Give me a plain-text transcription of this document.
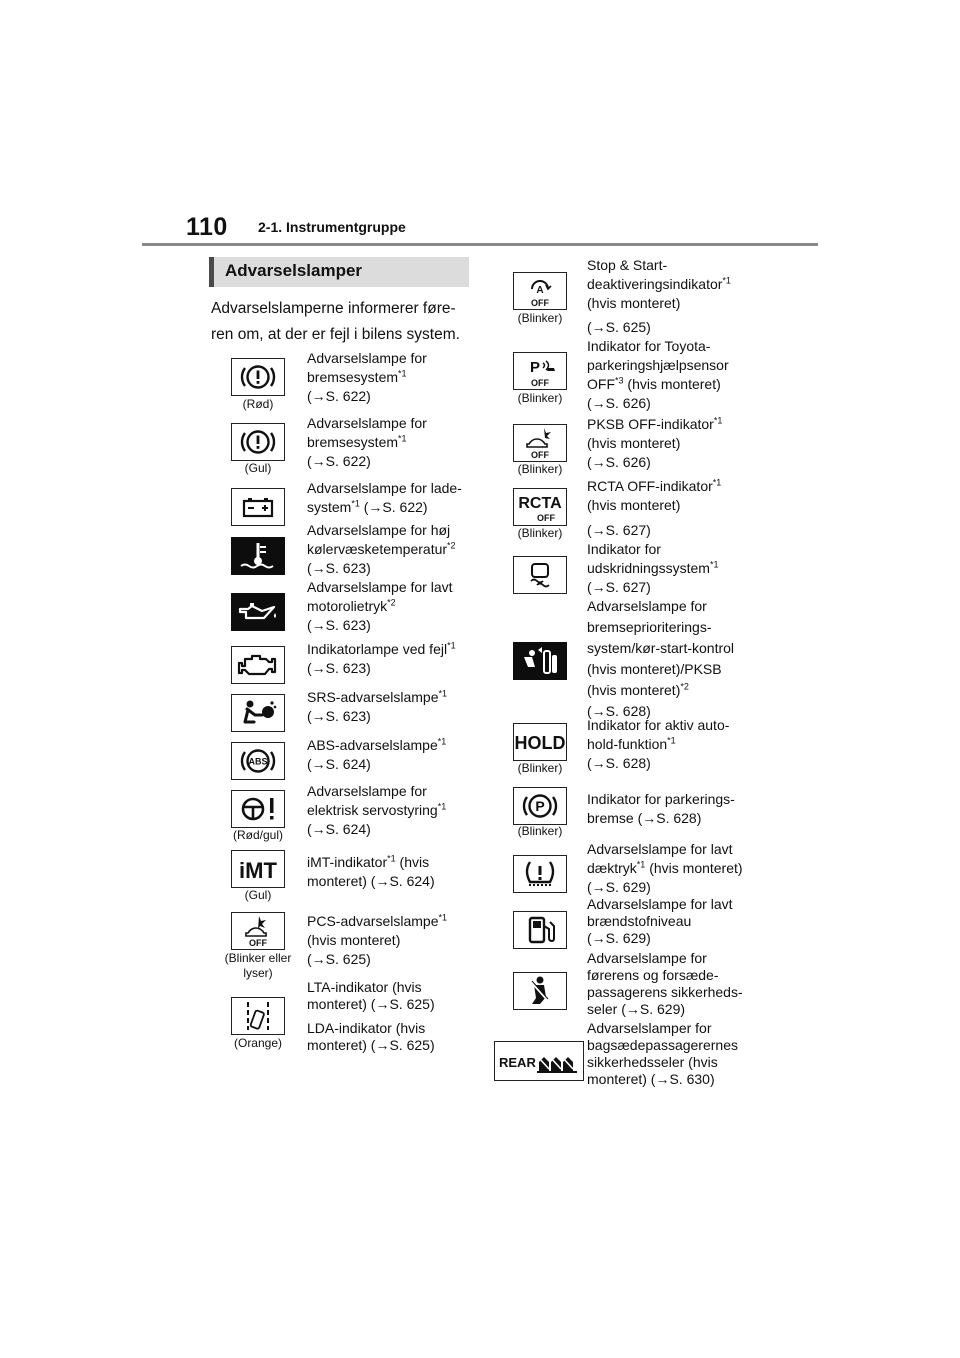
110 2-1. Instrumentgruppe
Advarselslamper
Advarselslamperne informerer føre-
ren om, at der er fejl i bilens system.
ABS
iMT
OFF
(Rød)
(Gul)
(Rød/gul)
(Gul)
(Blinker eller lyser)
(Orange)
Advarselslampe for
bremsesystem$^{*1}$
(→S. 622)
Advarselslampe for
bremsesystem$^{*1}$
(→S. 622)
Advarselslampe for lade-
system$^{*1}$ (→S. 622)
Advarselslampe for høj
kølervæsketemperatur$^{*2}$
(→S. 623)
Advarselslampe for lavt
motorolietryk$^{*2}$
(→S. 623)
Indikatorlampe ved fejl$^{*1}$
(→S. 623)
SRS-advarselslampe$^{*1}$
(→S. 623)
ABS-advarselslampe$^{*1}$
(→S. 624)
Advarselslampe for
elektrisk servostyring$^{*1}$
(→S. 624)
iMT-indikator$^{*1}$ (hvis
monteret) (→S. 624)
PCS-advarselslampe$^{*1}$
(hvis monteret)
(→S. 625)
LTA-indikator (hvis
monteret) (→S. 625)
LDA-indikator (hvis
monteret) (→S. 625)
A
OFF
P
OFF
OFF
RCTA
OFF
HOLD
P
REAR
(Blinker)
(Blinker)
(Blinker)
(Blinker)
(Blinker)
(Blinker)
Stop & Start-
deaktiveringsindikator$^{*1}$
(hvis monteret)
(→S. 625)
Indikator for Toyota-
parkeringshjælpsensor
OFF$^{*3}$ (hvis monteret)
(→S. 626)
PKSB OFF-indikator$^{*1}$
(hvis monteret)
(→S. 626)
RCTA OFF-indikator$^{*1}$
(hvis monteret)
(→S. 627)
Indikator for
udskridningssystem$^{*1}$
(→S. 627)
Advarselslampe for
bremseprioriterings-
system/kør-start-kontrol
(hvis monteret)/PKSB
(hvis monteret)$^{*2}$
(→S. 628)
Indikator for aktiv auto-
hold-funktion$^{*1}$
(→S. 628)
Indikator for parkerings-
bremse (→S. 628)
Advarselslampe for lavt
dæktryk$^{*1}$ (hvis monteret)
(→S. 629)
Advarselslampe for lavt
brændstofniveau
(→S. 629)
Advarselslampe for
førerens og forsæde-
passagerens sikkerheds-
seler (→S. 629)
Advarselslamper for
bagsædepassagerernes
sikkerhedsseler (hvis
monteret) (→S. 630)
